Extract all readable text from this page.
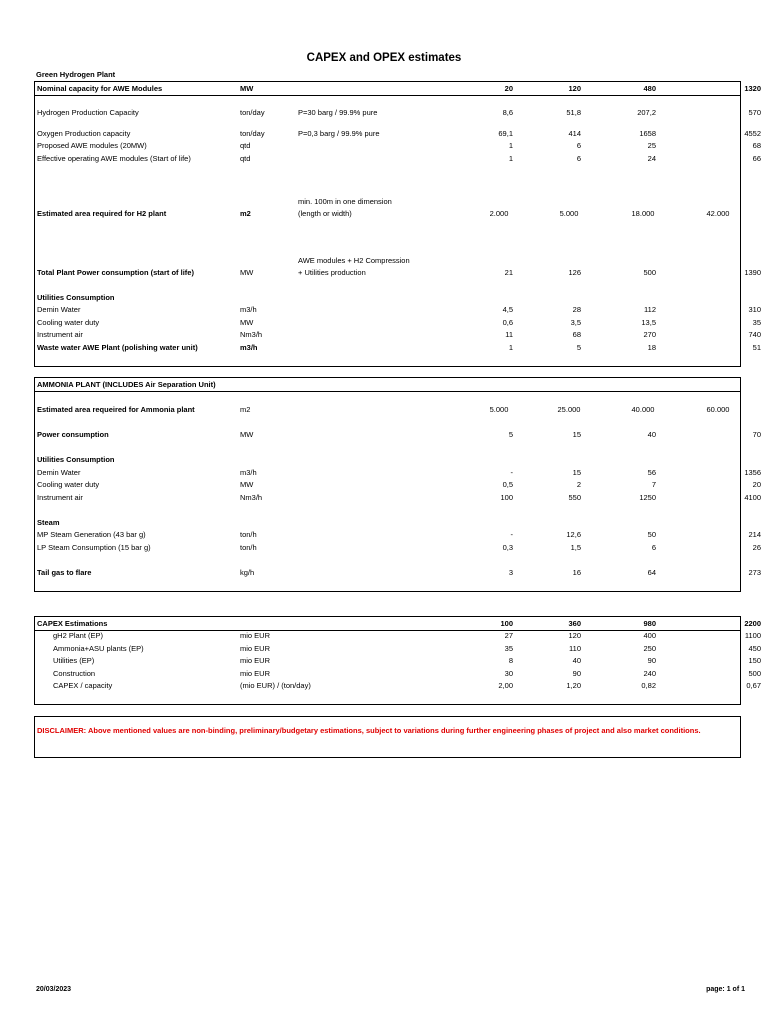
CAPEX and OPEX estimates
Green Hydrogen Plant
Nominal capacity for AWE Modules	MW	20	120	480	1320
Hydrogen Production Capacity	ton/day	P=30 barg / 99.9% pure	8,6	51,8	207,2	570
Oxygen Production capacity	ton/day	P=0,3 barg / 99.9% pure	69,1	414	1658	4552
Proposed AWE modules (20MW)	qtd	1	6	25	68
Effective operating AWE modules (Start of life)	qtd	1	6	24	66
min. 100m in one dimension
Estimated area required for H2 plant	m2	(length or width)	2.000	5.000	18.000	42.000
AWE modules + H2 Compression
Total Plant Power consumption (start of life)	MW	+ Utilities production	21	126	500	1390
Utilities Consumption
Demin Water	m3/h	4,5	28	112	310
Cooling water duty	MW	0,6	3,5	13,5	35
Instrument air	Nm3/h	11	68	270	740
Waste water AWE Plant (polishing water unit)	m3/h	1	5	18	51
AMMONIA PLANT (INCLUDES Air Separation Unit)
Estimated area requeired for Ammonia plant	m2	5.000	25.000	40.000	60.000
Power consumption	MW	5	15	40	70
Utilities Consumption
Demin Water	m3/h	-	15	56	1356
Cooling water duty	MW	0,5	2	7	20
Instrument air	Nm3/h	100	550	1250	4100
Steam
MP Steam Generation (43 bar g)	ton/h	-	12,6	50	214
LP Steam Consumption (15 bar g)	ton/h	0,3	1,5	6	26
Tail gas to flare	kg/h	3	16	64	273
CAPEX Estimations	100	360	980	2200
gH2 Plant (EP)	mio EUR	27	120	400	1100
Ammonia+ASU plants (EP)	mio EUR	35	110	250	450
Utilities (EP)	mio EUR	8	40	90	150
Construction	mio EUR	30	90	240	500
CAPEX / capacity	(mio EUR) / (ton/day)	2,00	1,20	0,82	0,67
DISCLAIMER: Above mentioned values are non-binding, preliminary/budgetary estimations, subject to variations during further engineering phases of project and also market conditions.
20/03/2023	page: 1 of 1
